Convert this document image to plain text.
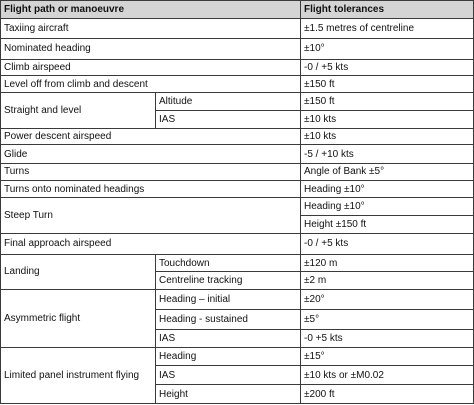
Flight path or manoeuvre		Flight tolerances
Taxiing aircraft		±1.5 metres of centreline
Nominated heading		±10°
Climb airspeed		-0 / +5 kts
Level off from climb and descent		±150 ft
Straight and level	Altitude	±150 ft
	IAS	±10 kts
Power descent airspeed		±10 kts
Glide		-5 / +10 kts
Turns		Angle of Bank ±5°
Turns onto nominated headings		Heading ±10°
Steep Turn		Heading ±10°
		Height ±150 ft
Final approach airspeed		-0 / +5 kts
Landing	Touchdown	±120 m
	Centreline tracking	±2 m
Asymmetric flight	Heading – initial	±20°
	Heading - sustained	±5°
	IAS	-0 +5 kts
Limited panel instrument flying	Heading	±15°
	IAS	±10 kts or ±M0.02
	Height	±200 ft
